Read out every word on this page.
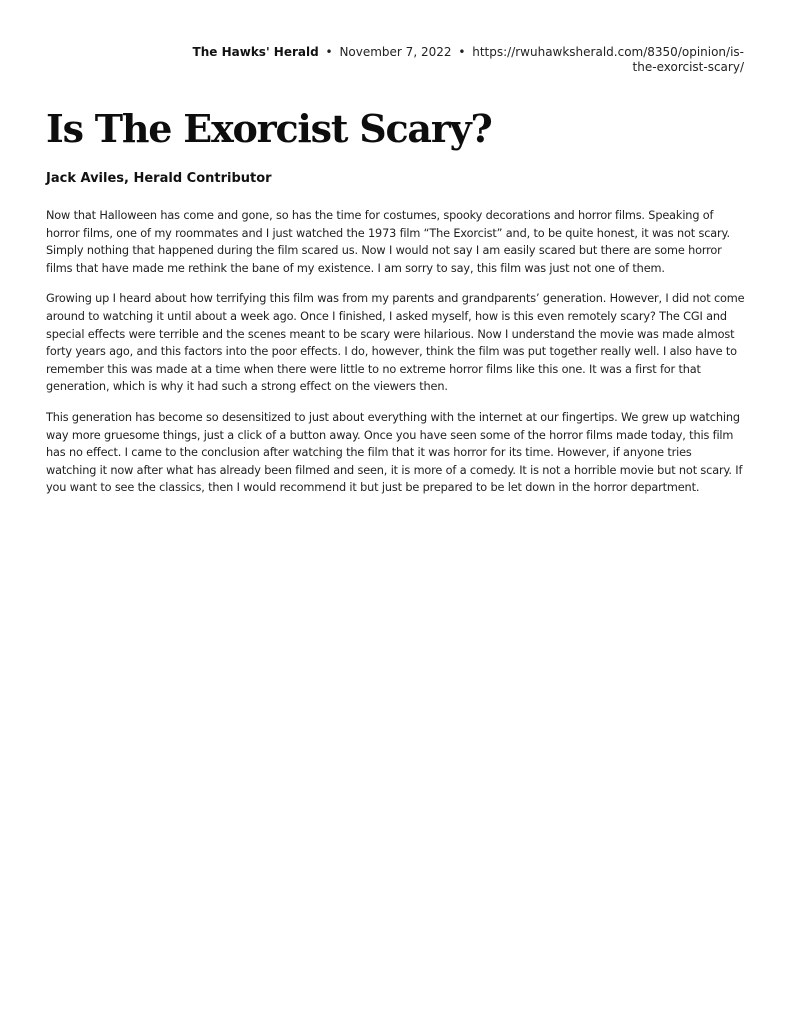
The Hawks' Herald • November 7, 2022 • https://rwuhawksherald.com/8350/opinion/is-the-exorcist-scary/
Is The Exorcist Scary?
Jack Aviles, Herald Contributor

Now that Halloween has come and gone, so has the time for costumes, spooky decorations and horror films. Speaking of horror films, one of my roommates and I just watched the 1973 film “The Exorcist” and, to be quite honest, it was not scary. Simply nothing that happened during the film scared us. Now I would not say I am easily scared but there are some horror films that have made me rethink the bane of my existence. I am sorry to say, this film was just not one of them.

Growing up I heard about how terrifying this film was from my parents and grandparents’ generation. However, I did not come around to watching it until about a week ago. Once I finished, I asked myself, how is this even remotely scary? The CGI and special effects were terrible and the scenes meant to be scary were hilarious. Now I understand the movie was made almost forty years ago, and this factors into the poor effects. I do, however, think the film was put together really well. I also have to remember this was made at a time when there were little to no extreme horror films like this one. It was a first for that generation, which is why it had such a strong effect on the viewers then.

This generation has become so desensitized to just about everything with the internet at our fingertips. We grew up watching way more gruesome things, just a click of a button away. Once you have seen some of the horror films made today, this film has no effect. I came to the conclusion after watching the film that it was horror for its time. However, if anyone tries watching it now after what has already been filmed and seen, it is more of a comedy. It is not a horrible movie but not scary. If you want to see the classics, then I would recommend it but just be prepared to be let down in the horror department.
